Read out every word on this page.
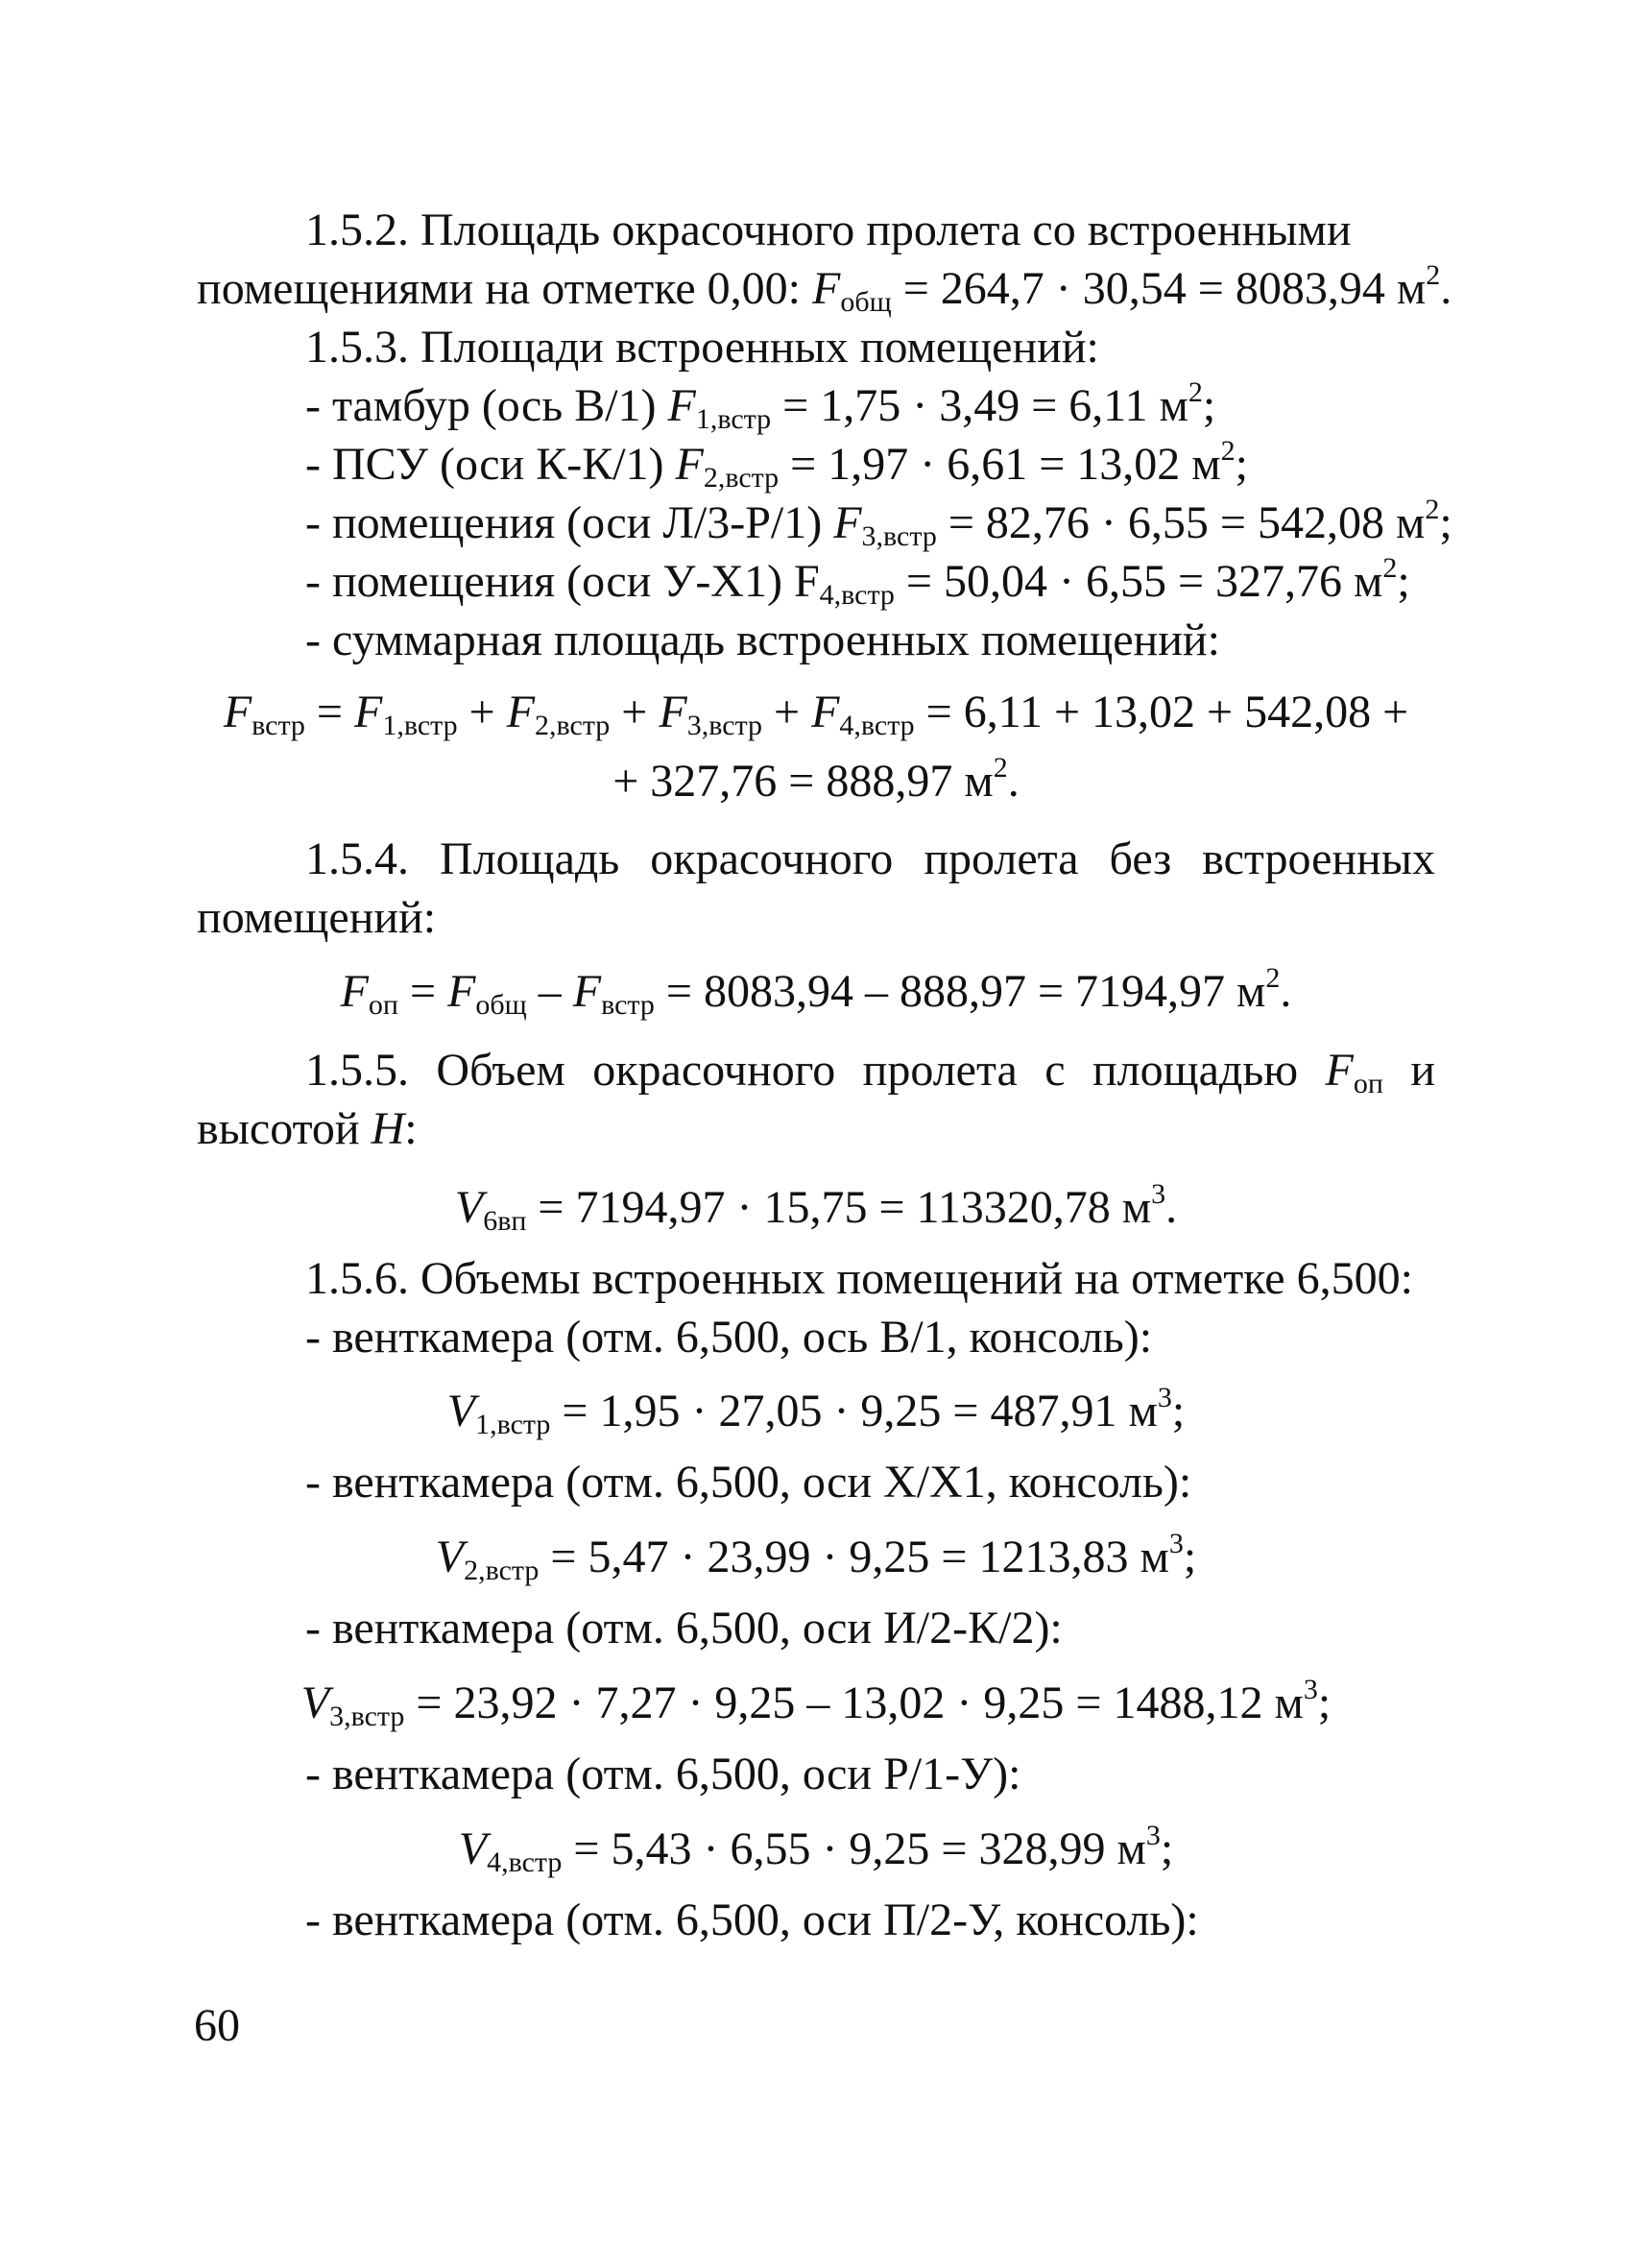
1.5.2. Площадь окрасочного пролета со встроенными
помещениями на отметке 0,00: $F_{общ} = 264,7 \cdot 30,54 = 8083,94$ $м^2$.
1.5.3. Площади встроенных помещений:
- тамбур (ось В/1) $F_{1,встр} = 1,75 \cdot 3,49 = 6,11$ $м^2$;
- ПСУ (оси К-К/1) $F_{2,встр} = 1,97 \cdot 6,61 = 13,02$ $м^2$;
- помещения (оси Л/3-Р/1) $F_{3,встр} = 82,76 \cdot 6,55 = 542,08$ $м^2$;
- помещения (оси У-Х1) $F_{4,встр} = 50,04 \cdot 6,55 = 327,76$ $м^2$;
- суммарная площадь встроенных помещений:
$F_{встр} = F_{1,встр} + F_{2,встр} + F_{3,встр} + F_{4,встр} = 6,11 + 13,02 + 542,08$ +
+ 327,76 = 888,97 $м^2$.
1.5.4. Площадь окрасочного пролета без встроенных
помещений:
$F_{оп} = F_{общ} - F_{встр} = 8083,94 - 888,97 = 7194,97$ $м^2$.
1.5.5. Объем окрасочного пролета с площадью $F_{оп}$ и
высотой H:
$V_{6вп} = 7194,97 \cdot 15,75 = 113320,78$ $м^3$.
1.5.6. Объемы встроенных помещений на отметке 6,500:
- венткамера (отм. 6,500, ось В/1, консоль):
$V_{1,встр} = 1,95 \cdot 27,05 \cdot 9,25 = 487,91$ $м^3$;
- венткамера (отм. 6,500, оси Х/Х1, консоль):
$V_{2,встр} = 5,47 \cdot 23,99 \cdot 9,25 = 1213,83$ $м^3$;
- венткамера (отм. 6,500, оси И/2-К/2):
$V_{3,встр} = 23,92 \cdot 7,27 \cdot 9,25 - 13,02 \cdot 9,25 = 1488,12$ $м^3$;
- венткамера (отм. 6,500, оси Р/1-У):
$V_{4,встр} = 5,43 \cdot 6,55 \cdot 9,25 = 328,99$ $м^3$;
- венткамера (отм. 6,500, оси П/2-У, консоль):
60
